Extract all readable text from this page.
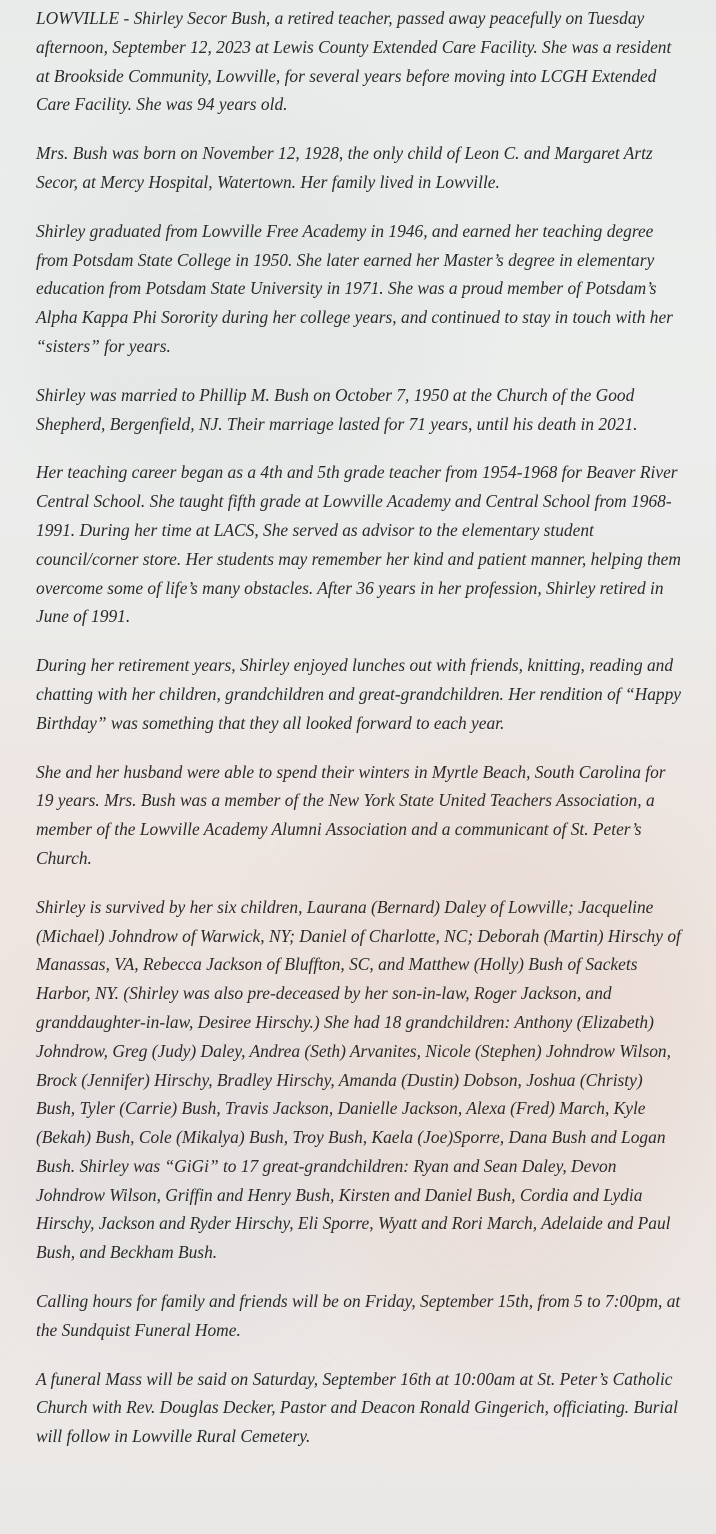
LOWVILLE - Shirley Secor Bush, a retired teacher, passed away peacefully on Tuesday afternoon, September 12, 2023 at Lewis County Extended Care Facility. She was a resident at Brookside Community, Lowville, for several years before moving into LCGH Extended Care Facility. She was 94 years old.

Mrs. Bush was born on November 12, 1928, the only child of Leon C. and Margaret Artz Secor, at Mercy Hospital, Watertown. Her family lived in Lowville.

Shirley graduated from Lowville Free Academy in 1946, and earned her teaching degree from Potsdam State College in 1950. She later earned her Master’s degree in elementary education from Potsdam State University in 1971. She was a proud member of Potsdam’s Alpha Kappa Phi Sorority during her college years, and continued to stay in touch with her “sisters” for years.

Shirley was married to Phillip M. Bush on October 7, 1950 at the Church of the Good Shepherd, Bergenfield, NJ. Their marriage lasted for 71 years, until his death in 2021.

Her teaching career began as a 4th and 5th grade teacher from 1954-1968 for Beaver River Central School. She taught fifth grade at Lowville Academy and Central School from 1968-1991. During her time at LACS, She served as advisor to the elementary student council/corner store. Her students may remember her kind and patient manner, helping them overcome some of life’s many obstacles. After 36 years in her profession, Shirley retired in June of 1991.

During her retirement years, Shirley enjoyed lunches out with friends, knitting, reading and chatting with her children, grandchildren and great-grandchildren. Her rendition of “Happy Birthday” was something that they all looked forward to each year.

She and her husband were able to spend their winters in Myrtle Beach, South Carolina for 19 years. Mrs. Bush was a member of the New York State United Teachers Association, a member of the Lowville Academy Alumni Association and a communicant of St. Peter’s Church.

Shirley is survived by her six children, Laurana (Bernard) Daley of Lowville; Jacqueline (Michael) Johndrow of Warwick, NY; Daniel of Charlotte, NC; Deborah (Martin) Hirschy of Manassas, VA, Rebecca Jackson of Bluffton, SC, and Matthew (Holly) Bush of Sackets Harbor, NY. (Shirley was also pre-deceased by her son-in-law, Roger Jackson, and granddaughter-in-law, Desiree Hirschy.) She had 18 grandchildren: Anthony (Elizabeth) Johndrow, Greg (Judy) Daley, Andrea (Seth) Arvanites, Nicole (Stephen) Johndrow Wilson, Brock (Jennifer) Hirschy, Bradley Hirschy, Amanda (Dustin) Dobson, Joshua (Christy) Bush, Tyler (Carrie) Bush, Travis Jackson, Danielle Jackson, Alexa (Fred) March, Kyle (Bekah) Bush, Cole (Mikalya) Bush, Troy Bush, Kaela (Joe)Sporre, Dana Bush and Logan Bush. Shirley was “GiGi” to 17 great-grandchildren: Ryan and Sean Daley, Devon Johndrow Wilson, Griffin and Henry Bush, Kirsten and Daniel Bush, Cordia and Lydia Hirschy, Jackson and Ryder Hirschy, Eli Sporre, Wyatt and Rori March, Adelaide and Paul Bush, and Beckham Bush.

Calling hours for family and friends will be on Friday, September 15th, from 5 to 7:00pm, at the Sundquist Funeral Home.

A funeral Mass will be said on Saturday, September 16th at 10:00am at St. Peter’s Catholic Church with Rev. Douglas Decker, Pastor and Deacon Ronald Gingerich, officiating. Burial will follow in Lowville Rural Cemetery.
